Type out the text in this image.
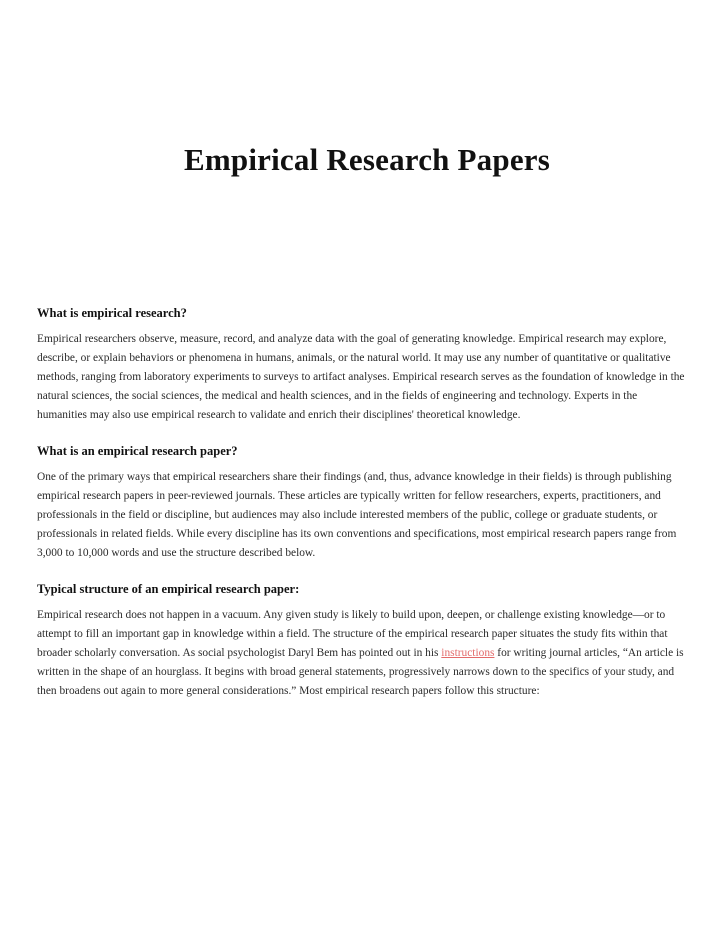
Empirical Research Papers

What is empirical research?

Empirical researchers observe, measure, record, and analyze data with the goal of generating knowledge. Empirical research may explore, describe, or explain behaviors or phenomena in humans, animals, or the natural world. It may use any number of quantitative or qualitative methods, ranging from laboratory experiments to surveys to artifact analyses. Empirical research serves as the foundation of knowledge in the natural sciences, the social sciences, the medical and health sciences, and in the fields of engineering and technology. Experts in the humanities may also use empirical research to validate and enrich their disciplines' theoretical knowledge.

What is an empirical research paper?

One of the primary ways that empirical researchers share their findings (and, thus, advance knowledge in their fields) is through publishing empirical research papers in peer-reviewed journals. These articles are typically written for fellow researchers, experts, practitioners, and professionals in the field or discipline, but audiences may also include interested members of the public, college or graduate students, or professionals in related fields. While every discipline has its own conventions and specifications, most empirical research papers range from 3,000 to 10,000 words and use the structure described below.

Typical structure of an empirical research paper:

Empirical research does not happen in a vacuum. Any given study is likely to build upon, deepen, or challenge existing knowledge—or to attempt to fill an important gap in knowledge within a field. The structure of the empirical research paper situates the study fits within that broader scholarly conversation. As social psychologist Daryl Bem has pointed out in his instructions for writing journal articles, “An article is written in the shape of an hourglass. It begins with broad general statements, progressively narrows down to the specifics of your study, and then broadens out again to more general considerations.” Most empirical research papers follow this structure:
